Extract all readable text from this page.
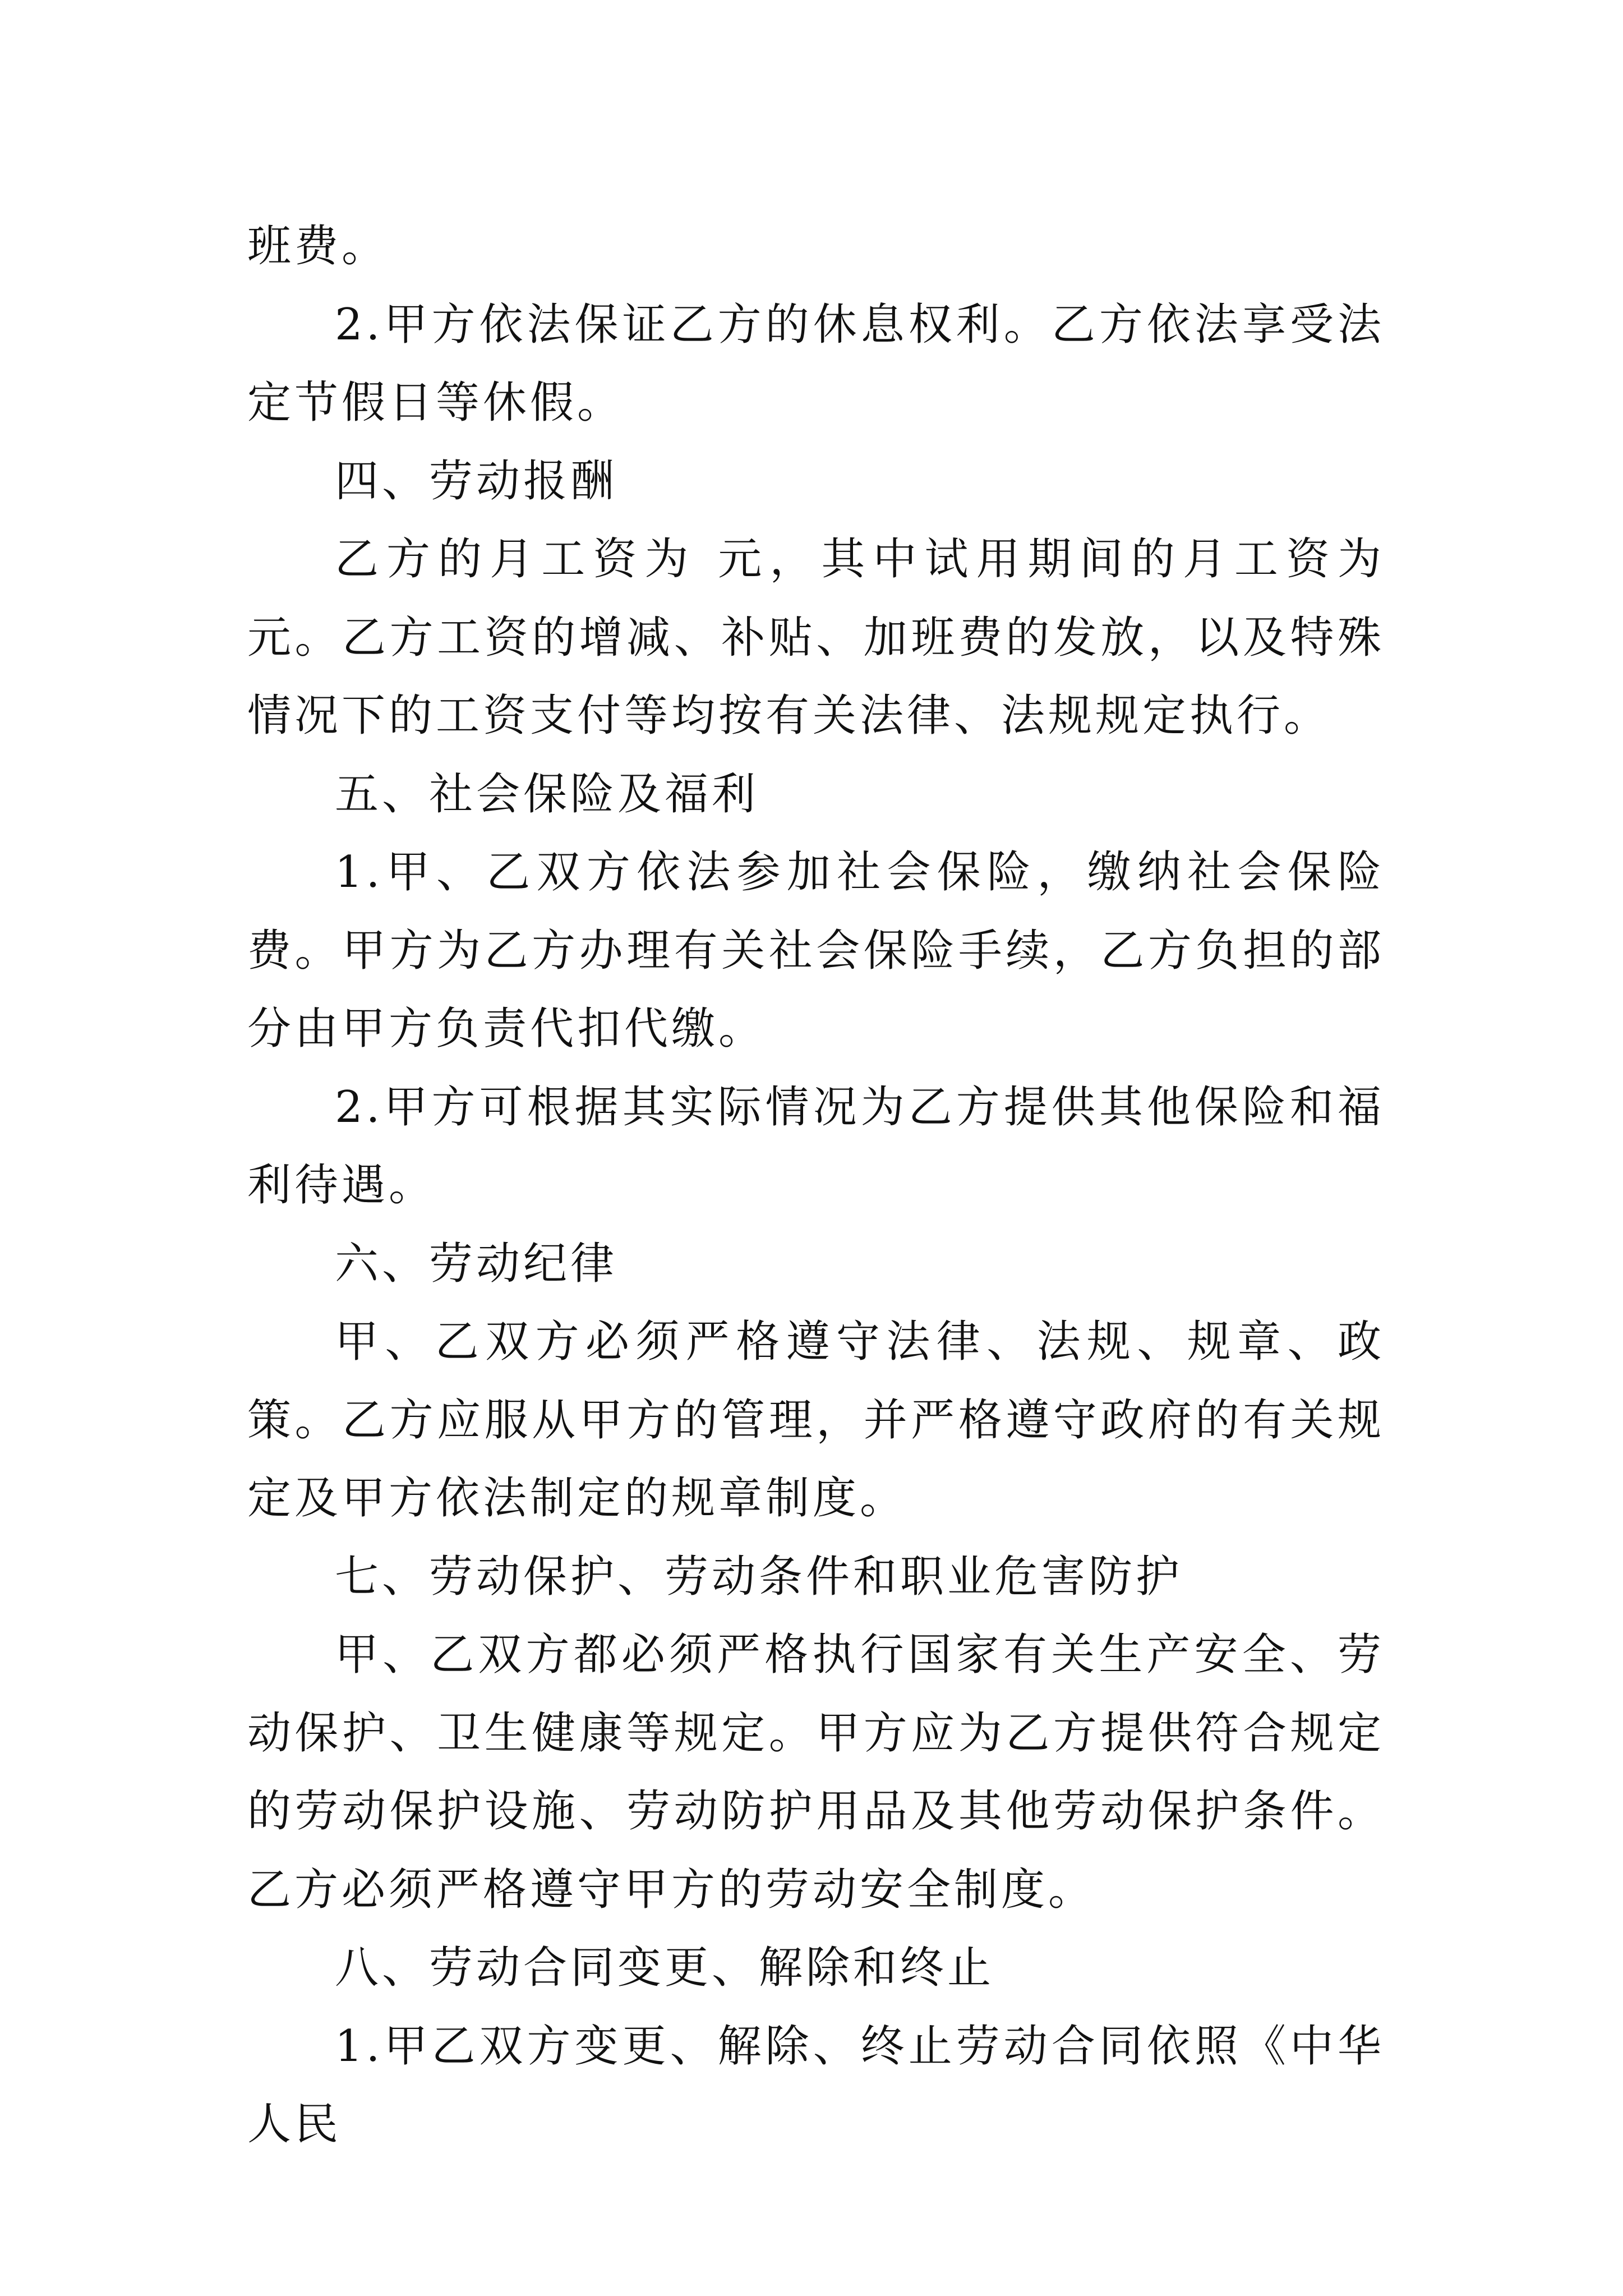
班费。

2.甲方依法保证乙方的休息权利。乙方依法享受法定节假日等休假。

四、劳动报酬

乙方的月工资为 元，其中试用期间的月工资为 元。乙方工资的增减、补贴、加班费的发放，以及特殊情况下的工资支付等均按有关法律、法规规定执行。

五、社会保险及福利

1.甲、乙双方依法参加社会保险，缴纳社会保险费。甲方为乙方办理有关社会保险手续，乙方负担的部分由甲方负责代扣代缴。

2.甲方可根据其实际情况为乙方提供其他保险和福利待遇。

六、劳动纪律

甲、乙双方必须严格遵守法律、法规、规章、政策。乙方应服从甲方的管理，并严格遵守政府的有关规定及甲方依法制定的规章制度。

七、劳动保护、劳动条件和职业危害防护

甲、乙双方都必须严格执行国家有关生产安全、劳动保护、卫生健康等规定。甲方应为乙方提供符合规定的劳动保护设施、劳动防护用品及其他劳动保护条件。乙方必须严格遵守甲方的劳动安全制度。

八、劳动合同变更、解除和终止

1.甲乙双方变更、解除、终止劳动合同依照《中华人民
